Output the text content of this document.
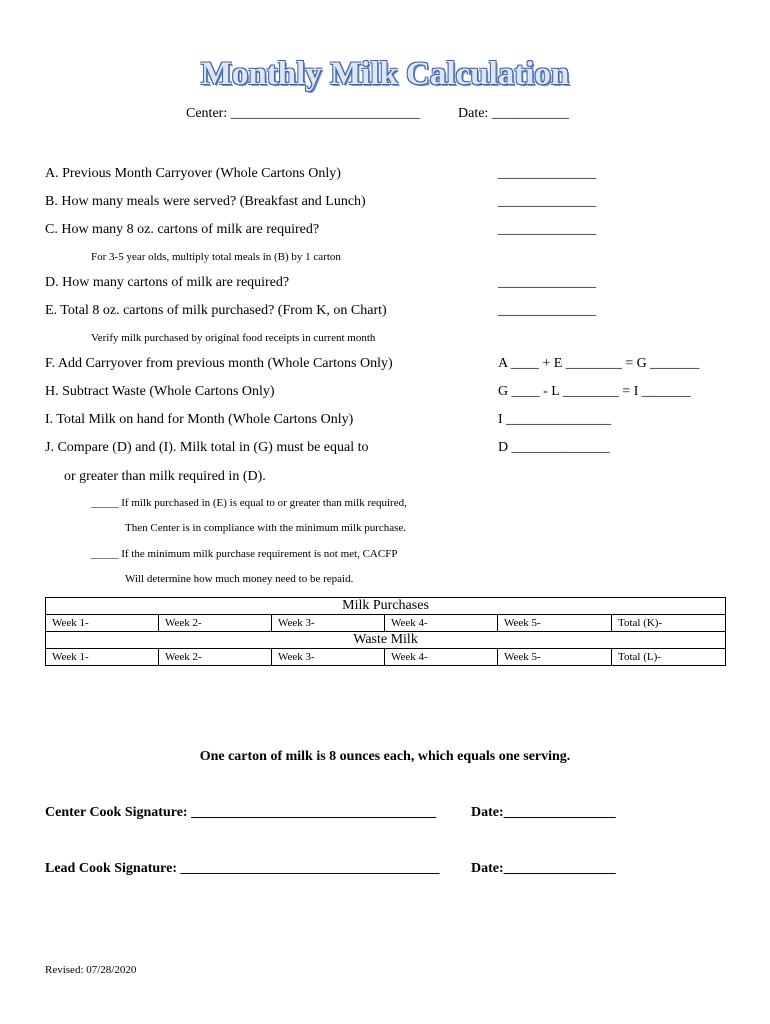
Monthly Milk Calculation
Center: ___________________________	Date: ___________
A. Previous Month Carryover (Whole Cartons Only)	______________
B. How many meals were served? (Breakfast and Lunch)	______________
C. How many 8 oz. cartons of milk are required?	______________
For 3-5 year olds, multiply total meals in (B) by 1 carton
D. How many cartons of milk are required?	______________
E. Total 8 oz. cartons of milk purchased? (From K, on Chart)	______________
Verify milk purchased by original food receipts in current month
F. Add Carryover from previous month (Whole Cartons Only)	A ____ + E ________ = G _______
H. Subtract Waste (Whole Cartons Only)	G ____ - L ________ = I _______
I. Total Milk on hand for Month (Whole Cartons Only)	I _______________
J. Compare (D) and (I). Milk total in (G) must be equal to	D ______________
or greater than milk required in (D).
_____ If milk purchased in (E) is equal to or greater than milk required,
Then Center is in compliance with the minimum milk purchase.
_____ If the minimum milk purchase requirement is not met, CACFP
Will determine how much money need to be repaid.
Milk Purchases					
Week 1-	Week 2-	Week 3-	Week 4-	Week 5-	Total (K)-
Waste Milk					
Week 1-	Week 2-	Week 3-	Week 4-	Week 5-	Total (L)-
One carton of milk is 8 ounces each, which equals one serving.
Center Cook Signature: ___________________________________ Date:________________
Lead Cook Signature: _____________________________________ Date:________________
Revised: 07/28/2020
